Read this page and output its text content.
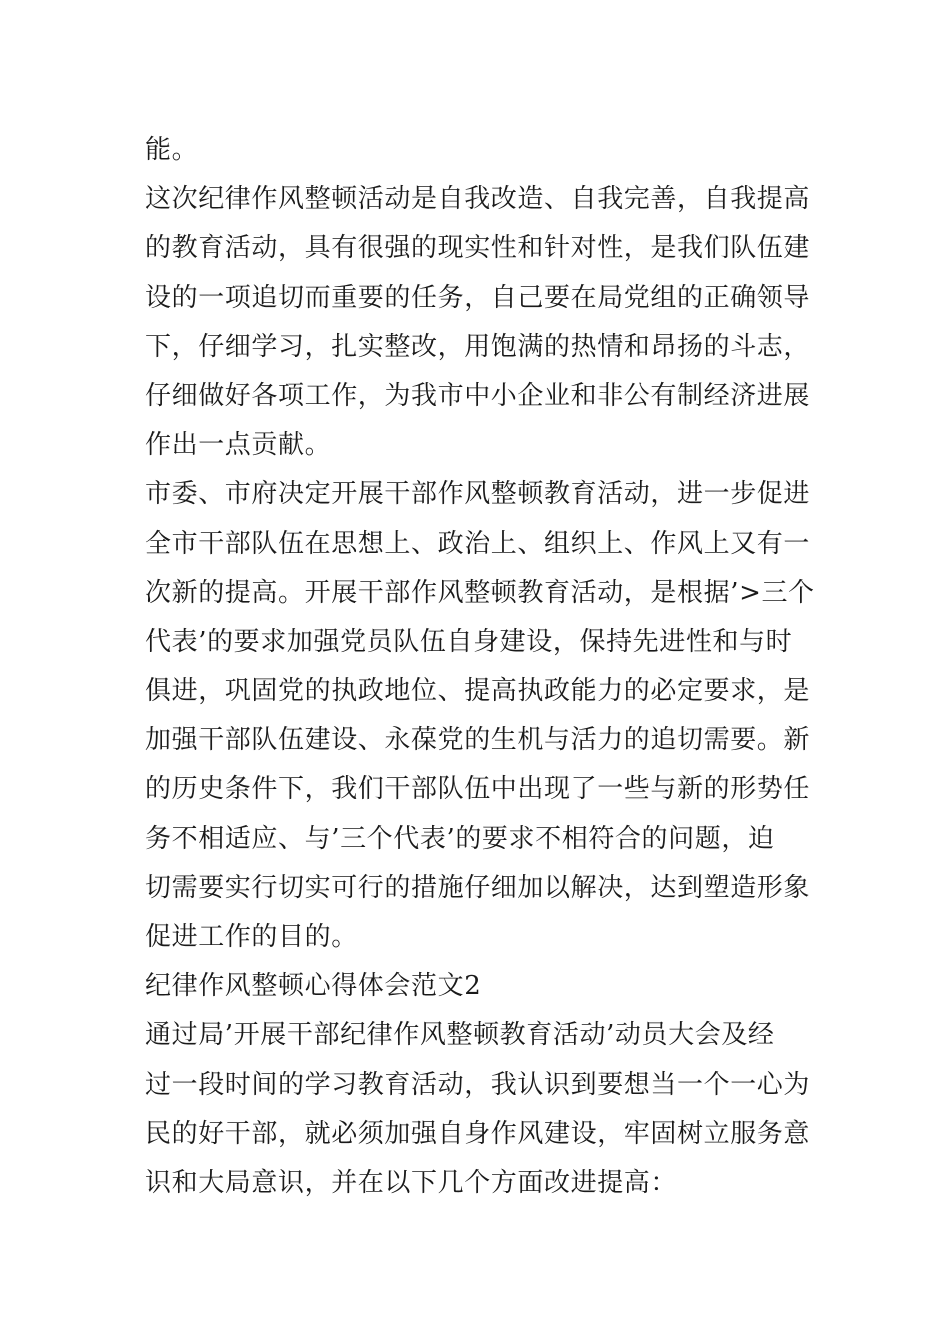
能。
这次纪律作风整顿活动是自我改造、自我完善，自我提高
的教育活动，具有很强的现实性和针对性，是我们队伍建
设的一项追切而重要的任务，自己要在局党组的正确领导
下，仔细学习，扎实整改，用饱满的热情和昂扬的斗志，
仔细做好各项工作，为我市中小企业和非公有制经济进展
作出一点贡献。
市委、市府决定开展干部作风整顿教育活动，进一步促进
全市干部队伍在思想上、政治上、组织上、作风上又有一
次新的提高。开展干部作风整顿教育活动，是根据’>三个
代表’的要求加强党员队伍自身建设，保持先进性和与时
俱进，巩固党的执政地位、提高执政能力的必定要求，是
加强干部队伍建设、永葆党的生机与活力的追切需要。新
的历史条件下，我们干部队伍中出现了一些与新的形势任
务不相适应、与’三个代表’的要求不相符合的问题，迫
切需要实行切实可行的措施仔细加以解决，达到塑造形象
促进工作的目的。
纪律作风整顿心得体会范文2
通过局’开展干部纪律作风整顿教育活动’动员大会及经
过一段时间的学习教育活动，我认识到要想当一个一心为
民的好干部，就必须加强自身作风建设，牢固树立服务意
识和大局意识，并在以下几个方面改进提高：
